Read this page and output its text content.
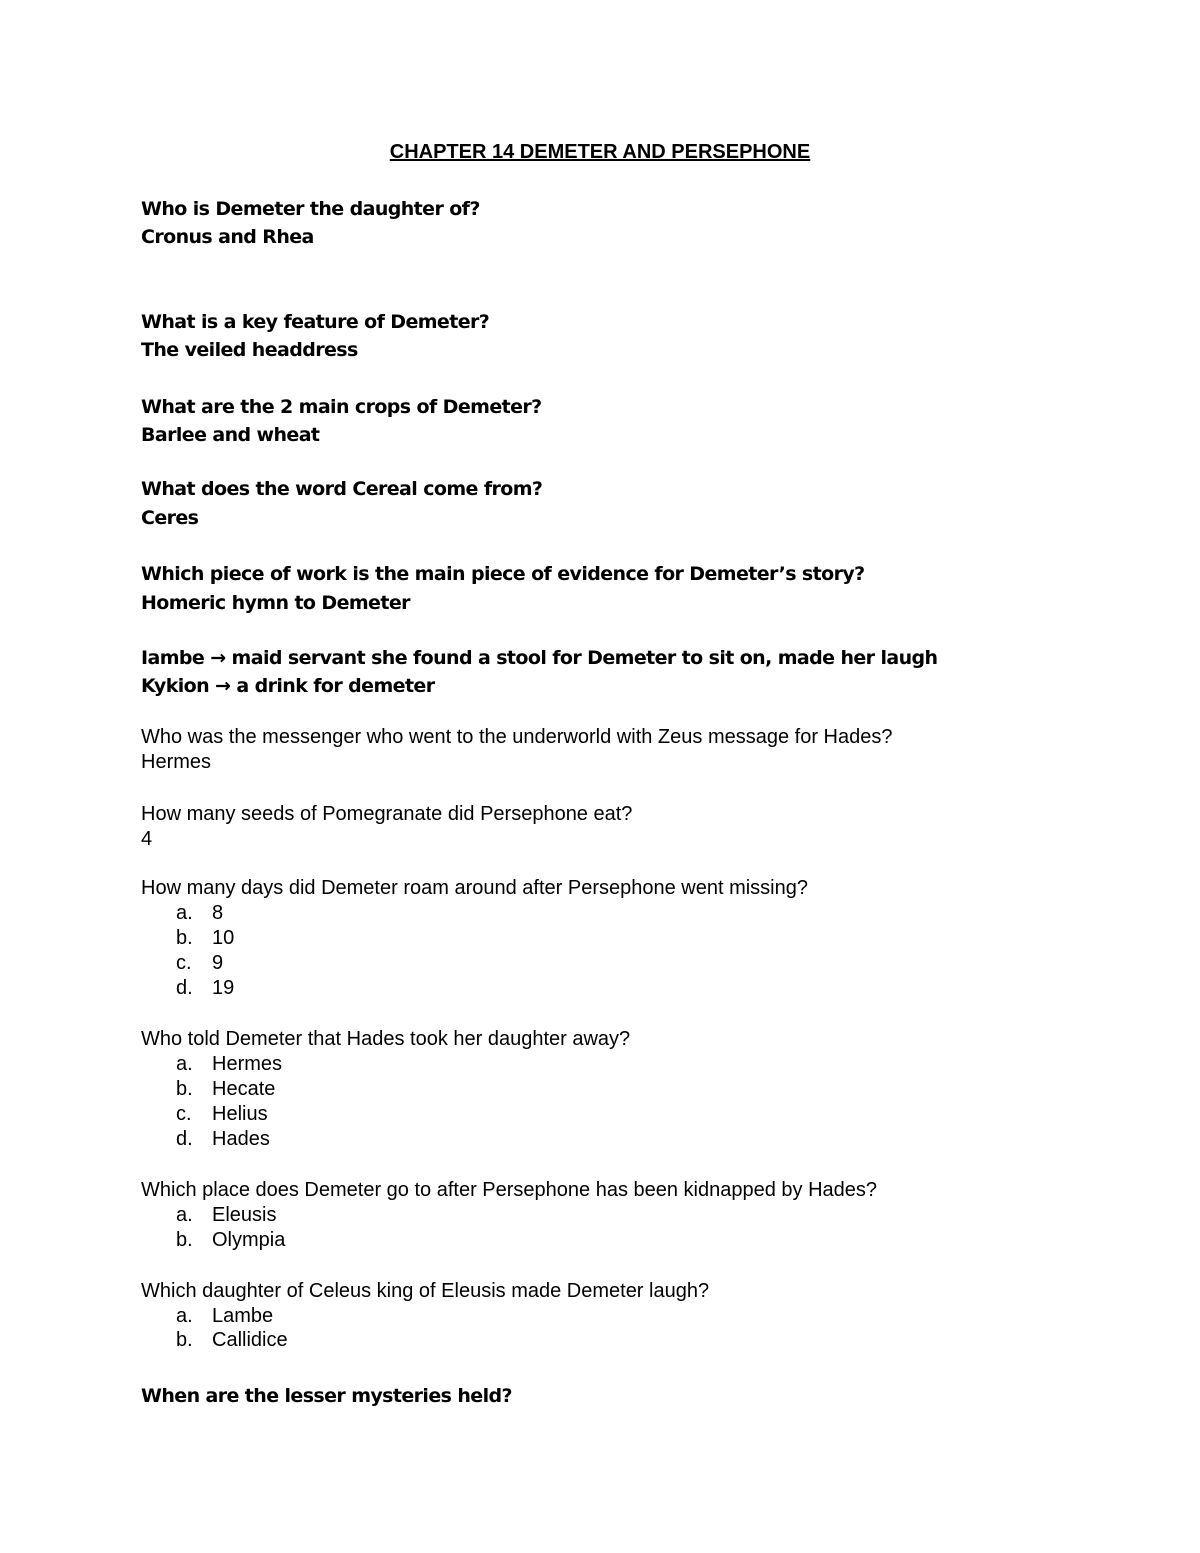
CHAPTER 14 DEMETER AND PERSEPHONE
Who is Demeter the daughter of?
Cronus and Rhea
What is a key feature of Demeter?
The veiled headdress
What are the 2 main crops of Demeter?
Barlee and wheat
What does the word Cereal come from?
Ceres
Which piece of work is the main piece of evidence for Demeter’s story?
Homeric hymn to Demeter
Iambe → maid servant she found a stool for Demeter to sit on, made her laugh
Kykion → a drink for demeter
Who was the messenger who went to the underworld with Zeus message for Hades?
Hermes
How many seeds of Pomegranate did Persephone eat?
4
How many days did Demeter roam around after Persephone went missing?
a. 8
b. 10
c. 9
d. 19
Who told Demeter that Hades took her daughter away?
a. Hermes
b. Hecate
c. Helius
d. Hades
Which place does Demeter go to after Persephone has been kidnapped by Hades?
a. Eleusis
b. Olympia
Which daughter of Celeus king of Eleusis made Demeter laugh?
a. Lambe
b. Callidice
When are the lesser mysteries held?
